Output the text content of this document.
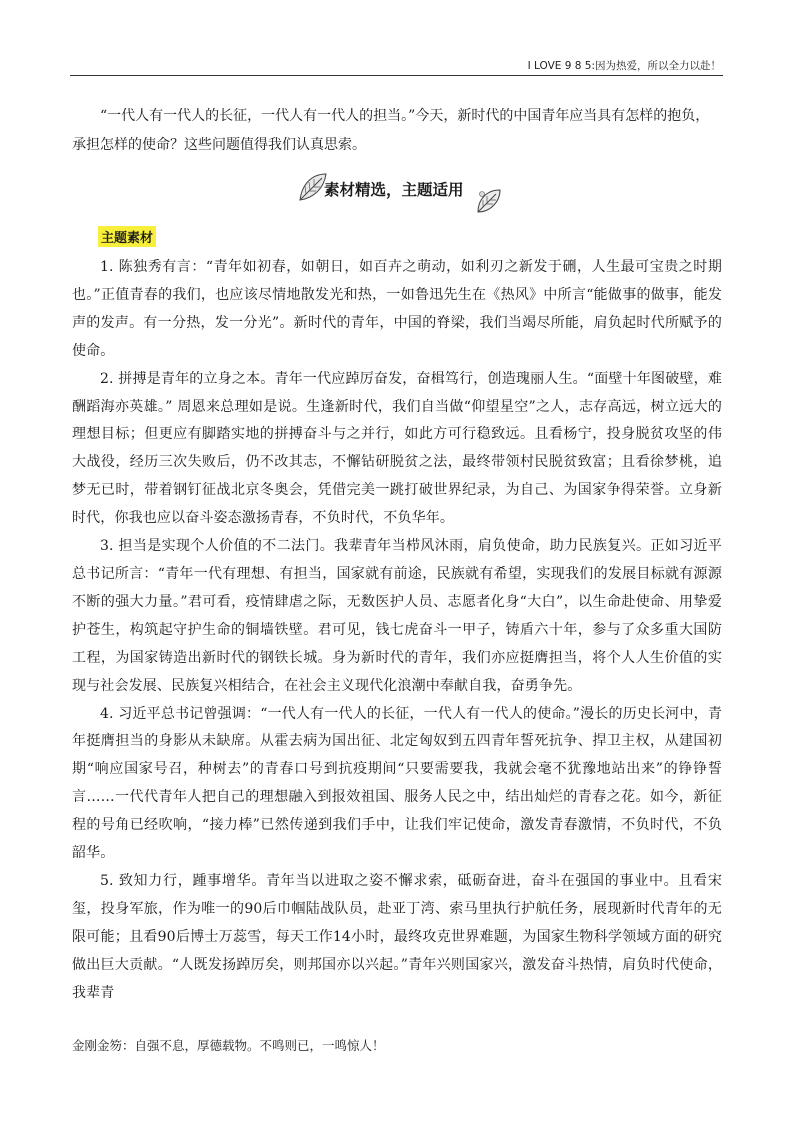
I LOVE 9 8 5:因为热爱，所以全力以赴！

“一代人有一代人的长征，一代人有一代人的担当。”今天，新时代的中国青年应当具有怎样的抱负，承担怎样的使命？这些问题值得我们认真思索。

素材精选，主题适用
主题素材

1. 陈独秀有言：“青年如初春，如朝日，如百卉之萌动，如利刃之新发于硎，人生最可宝贵之时期也。”正值青春的我们，也应该尽情地散发光和热，一如鲁迅先生在《热风》中所言“能做事的做事，能发声的发声。有一分热，发一分光”。新时代的青年，中国的脊梁，我们当竭尽所能，肩负起时代所赋予的使命。

2. 拼搏是青年的立身之本。青年一代应踔厉奋发，奋楫笃行，创造瑰丽人生。“面壁十年图破壁，难酬蹈海亦英雄。” 周恩来总理如是说。生逢新时代，我们自当做“仰望星空”之人，志存高远，树立远大的理想目标；但更应有脚踏实地的拼搏奋斗与之并行，如此方可行稳致远。且看杨宁，投身脱贫攻坚的伟大战役，经历三次失败后，仍不改其志，不懈钻研脱贫之法，最终带领村民脱贫致富；且看徐梦桃，追梦无已时，带着钢钉征战北京冬奥会，凭借完美一跳打破世界纪录，为自己、为国家争得荣誉。立身新时代，你我也应以奋斗姿态激扬青春，不负时代，不负华年。

3. 担当是实现个人价值的不二法门。我辈青年当栉风沐雨，肩负使命，助力民族复兴。正如习近平总书记所言：“青年一代有理想、有担当，国家就有前途，民族就有希望，实现我们的发展目标就有源源不断的强大力量。”君可看，疫情肆虐之际，无数医护人员、志愿者化身“大白”，以生命赴使命、用挚爱护苍生，构筑起守护生命的铜墙铁壁。君可见，钱七虎奋斗一甲子，铸盾六十年，参与了众多重大国防工程，为国家铸造出新时代的钢铁长城。身为新时代的青年，我们亦应挺膺担当，将个人人生价值的实现与社会发展、民族复兴相结合，在社会主义现代化浪潮中奉献自我，奋勇争先。

4. 习近平总书记曾强调：“一代人有一代人的长征，一代人有一代人的使命。”漫长的历史长河中，青年挺膺担当的身影从未缺席。从霍去病为国出征、北定匈奴到五四青年誓死抗争、捍卫主权，从建国初期“响应国家号召，种树去”的青春口号到抗疫期间“只要需要我，我就会毫不犹豫地站出来”的铮铮誓言……一代代青年人把自己的理想融入到报效祖国、服务人民之中，结出灿烂的青春之花。如今，新征程的号角已经吹响，“接力棒”已然传递到我们手中，让我们牢记使命，激发青春激情，不负时代，不负韶华。

5. 致知力行，踵事增华。青年当以进取之姿不懈求索，砥砺奋进，奋斗在强国的事业中。且看宋玺，投身军旅，作为唯一的90后巾帼陆战队员，赴亚丁湾、索马里执行护航任务，展现新时代青年的无限可能；且看90后博士万蕊雪，每天工作14小时，最终攻克世界难题，为国家生物科学领域方面的研究做出巨大贡献。“人既发扬踔厉矣，则邦国亦以兴起。”青年兴则国家兴，激发奋斗热情，肩负时代使命，我辈青

金刚金笏：自强不息，厚德载物。不鸣则已，一鸣惊人！
